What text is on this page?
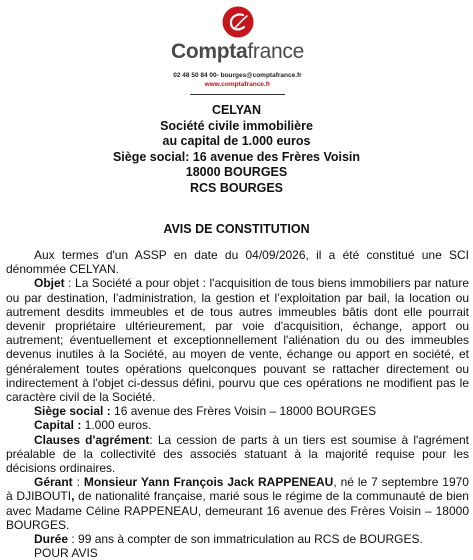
Comptafrance
02 48 50 84 00- bourges@comptafrance.fr
www.comptafrance.fr
CELYAN
Société civile immobilière
au capital de 1.000 euros
Siège social: 16 avenue des Frères Voisin
18000 BOURGES
RCS BOURGES
AVIS DE CONSTITUTION

Aux termes d'un ASSP en date du 04/09/2026, il a été constitué une SCI dénommée CELYAN.

Objet : La Société a pour objet : l'acquisition de tous biens immobiliers par nature ou par destination, l’administration, la gestion et l’exploitation par bail, la location ou autrement desdits immeubles et de tous autres immeubles bâtis dont elle pourrait devenir propriétaire ultérieurement, par voie d'acquisition, échange, apport ou autrement; éventuellement et exceptionnellement l'aliénation du ou des immeubles devenus inutiles à la Société, au moyen de vente, échange ou apport en société, et généralement toutes opérations quelconques pouvant se rattacher directement ou indirectement à l'objet ci-dessus défini, pourvu que ces opérations ne modifient pas le caractère civil de la Société.

Siège social : 16 avenue des Frères Voisin – 18000 BOURGES

Capital : 1.000 euros.

Clauses d'agrément: La cession de parts à un tiers est soumise à l'agrément préalable de la collectivité des associés statuant à la majorité requise pour les décisions ordinaires.

Gérant : Monsieur Yann François Jack RAPPENEAU, né le 7 septembre 1970 à DJIBOUTI, de nationalité française, marié sous le régime de la communauté de bien avec Madame Céline RAPPENEAU, demeurant 16 avenue des Frères Voisin – 18000 BOURGES.

Durée : 99 ans à compter de son immatriculation au RCS de BOURGES.

POUR AVIS
